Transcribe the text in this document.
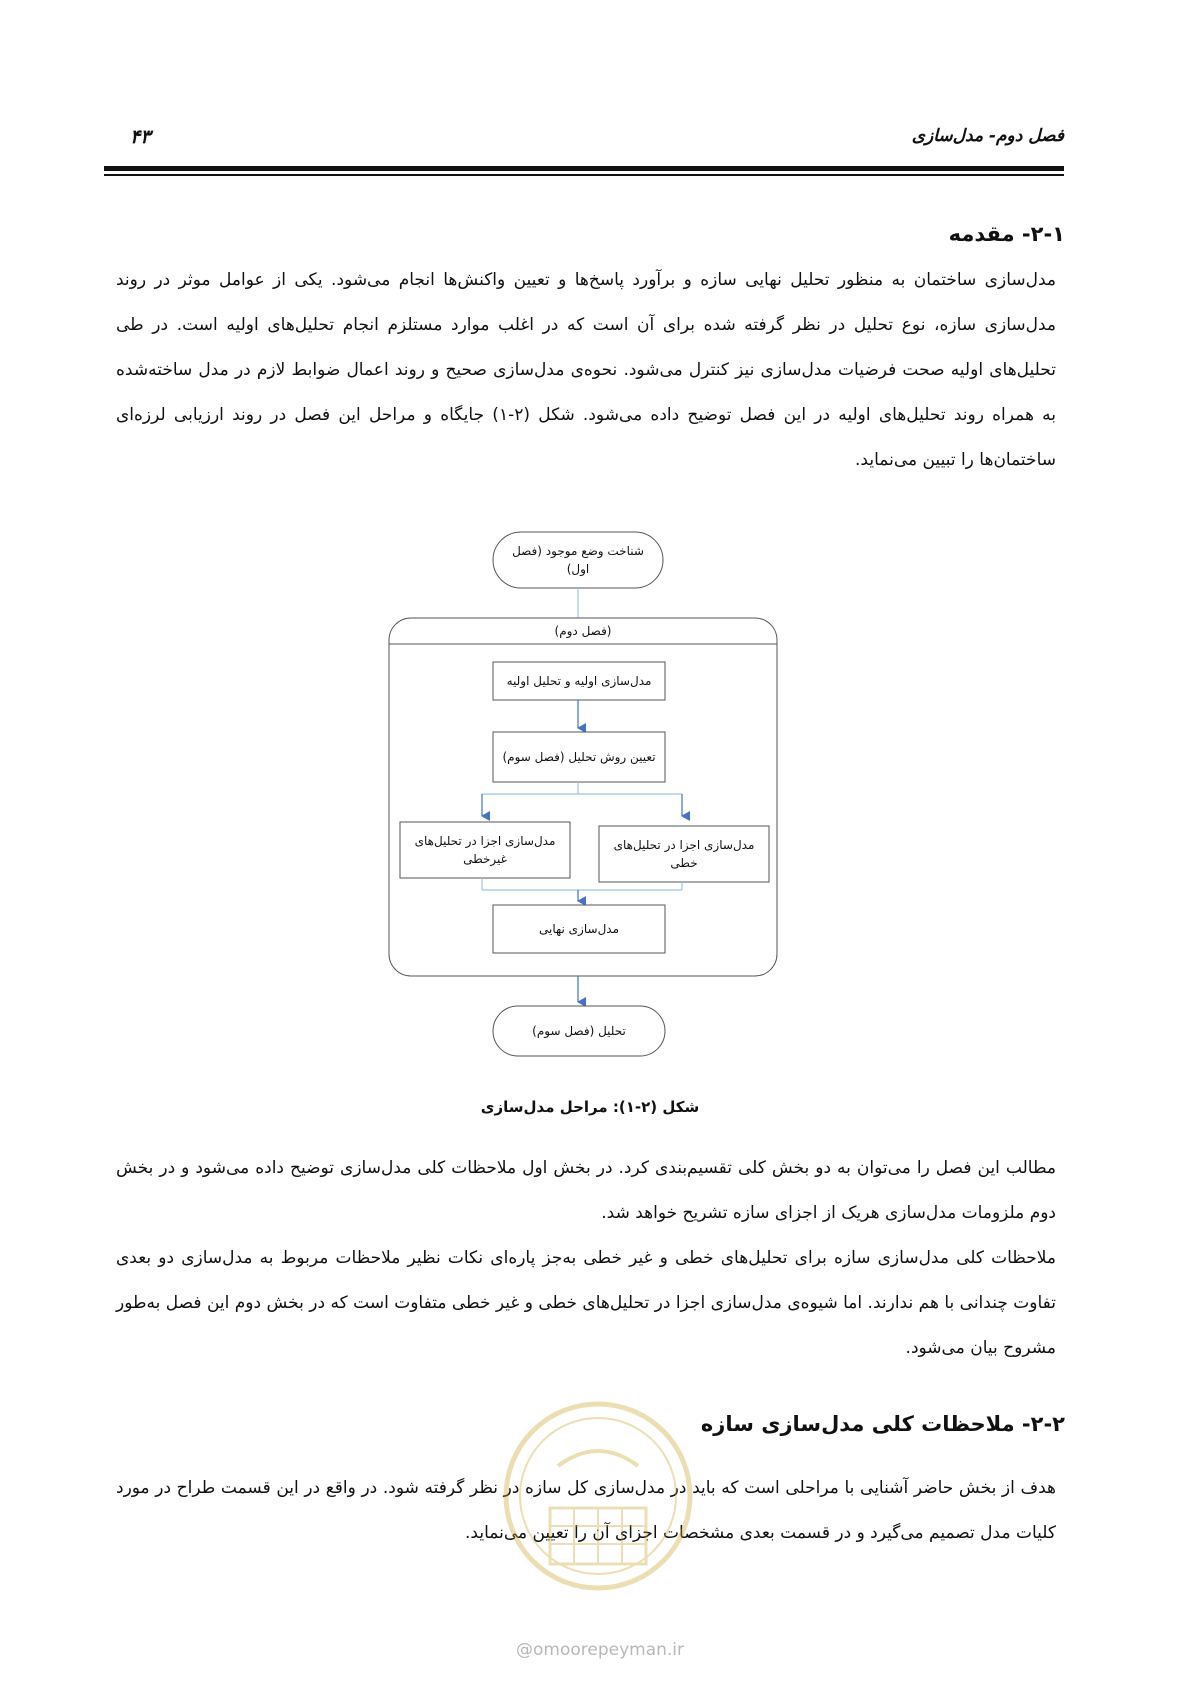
فصل دوم- مدل‌سازی
۴۳
۲-۱- مقدمه

مدل‌سازی ساختمان به منظور تحلیل نهایی سازه و برآورد پاسخ‌ها و تعیین واکنش‌ها انجام می‌شود. یکی از عوامل موثر در روند مدل‌سازی سازه، نوع تحلیل در نظر گرفته شده برای آن است که در اغلب موارد مستلزم انجام تحلیل‌های اولیه است. در طی تحلیل‌های اولیه صحت فرضیات مدل‌سازی نیز کنترل می‌شود. نحوه‌ی مدل‌سازی صحیح و روند اعمال ضوابط لازم در مدل ساخته‌شده به همراه روند تحلیل‌های اولیه در این فصل توضیح داده می‌شود. شکل (۲-۱) جایگاه و مراحل این فصل در روند ارزیابی لرزه‌ای ساختمان‌ها را تبیین می‌نماید.

شناخت وضع موجود (فصل اول)
(فصل دوم)
مدل‌سازی اولیه و تحلیل اولیه
تعیین روش تحلیل (فصل سوم)
مدل‌سازی اجزا در تحلیل‌های غیرخطی
مدل‌سازی اجزا در تحلیل‌های خطی
مدل‌سازی نهایی
تحلیل (فصل سوم)
شکل (۲-۱): مراحل مدل‌سازی

مطالب این فصل را می‌توان به دو بخش کلی تقسیم‌بندی کرد. در بخش اول ملاحظات کلی مدل‌سازی توضیح داده می‌شود و در بخش دوم ملزومات مدل‌سازی هریک از اجزای سازه تشریح خواهد شد.

ملاحظات کلی مدل‌سازی سازه برای تحلیل‌های خطی و غیر خطی به‌جز پاره‌ای نکات نظیر ملاحظات مربوط به مدل‌سازی دو بعدی تفاوت چندانی با هم ندارند. اما شیوه‌ی مدل‌سازی اجزا در تحلیل‌های خطی و غیر خطی متفاوت است که در بخش دوم این فصل به‌طور مشروح بیان می‌شود.

۲-۲- ملاحظات کلی مدل‌سازی سازه

هدف از بخش حاضر آشنایی با مراحلی است که باید در مدل‌سازی کل سازه در نظر گرفته شود. در واقع در این قسمت طراح در مورد کلیات مدل تصمیم می‌گیرد و در قسمت بعدی مشخصات اجزای آن را تعیین می‌نماید.

@omoorepeyman.ir
